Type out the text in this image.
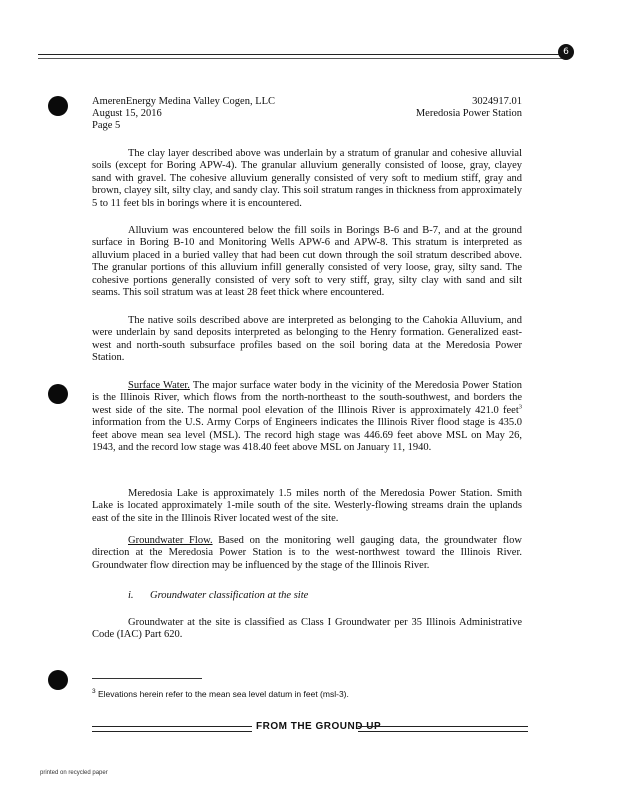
6
AmerenEnergy Medina Valley Cogen, LLC
August 15, 2016
Page 5
3024917.01
Meredosia Power Station

The clay layer described above was underlain by a stratum of granular and cohesive alluvial soils (except for Boring APW-4). The granular alluvium generally consisted of loose, gray, clayey sand with gravel. The cohesive alluvium generally consisted of very soft to medium stiff, gray and brown, clayey silt, silty clay, and sandy clay. This soil stratum ranges in thickness from approximately 5 to 11 feet bls in borings where it is encountered.

Alluvium was encountered below the fill soils in Borings B-6 and B-7, and at the ground surface in Boring B-10 and Monitoring Wells APW-6 and APW-8. This stratum is interpreted as alluvium placed in a buried valley that had been cut down through the soil stratum described above. The granular portions of this alluvium infill generally consisted of very loose, gray, silty sand. The cohesive portions generally consisted of very soft to very stiff, gray, silty clay with sand and silt seams. This soil stratum was at least 28 feet thick where encountered.

The native soils described above are interpreted as belonging to the Cahokia Alluvium, and were underlain by sand deposits interpreted as belonging to the Henry formation. Generalized east-west and north-south subsurface profiles based on the soil boring data at the Meredosia Power Station.

Surface Water. The major surface water body in the vicinity of the Meredosia Power Station is the Illinois River, which flows from the north-northeast to the south-southwest, and borders the west side of the site. The normal pool elevation of the Illinois River is approximately 421.0 feet$^3$ information from the U.S. Army Corps of Engineers indicates the Illinois River flood stage is 435.0 feet above mean sea level (MSL). The record high stage was 446.69 feet above MSL on May 26, 1943, and the record low stage was 418.40 feet above MSL on January 11, 1940.

Meredosia Lake is approximately 1.5 miles north of the Meredosia Power Station. Smith Lake is located approximately 1-mile south of the site. Westerly-flowing streams drain the uplands east of the site in the Illinois River located west of the site.

Groundwater Flow. Based on the monitoring well gauging data, the groundwater flow direction at the Meredosia Power Station is to the west-northwest toward the Illinois River. Groundwater flow direction may be influenced by the stage of the Illinois River.

i. Groundwater classification at the site

Groundwater at the site is classified as Class I Groundwater per 35 Illinois Administrative Code (IAC) Part 620.

$^3$ Elevations herein refer to the mean sea level datum in feet (msl-3).
FROM THE GROUND UP
printed on recycled paper
